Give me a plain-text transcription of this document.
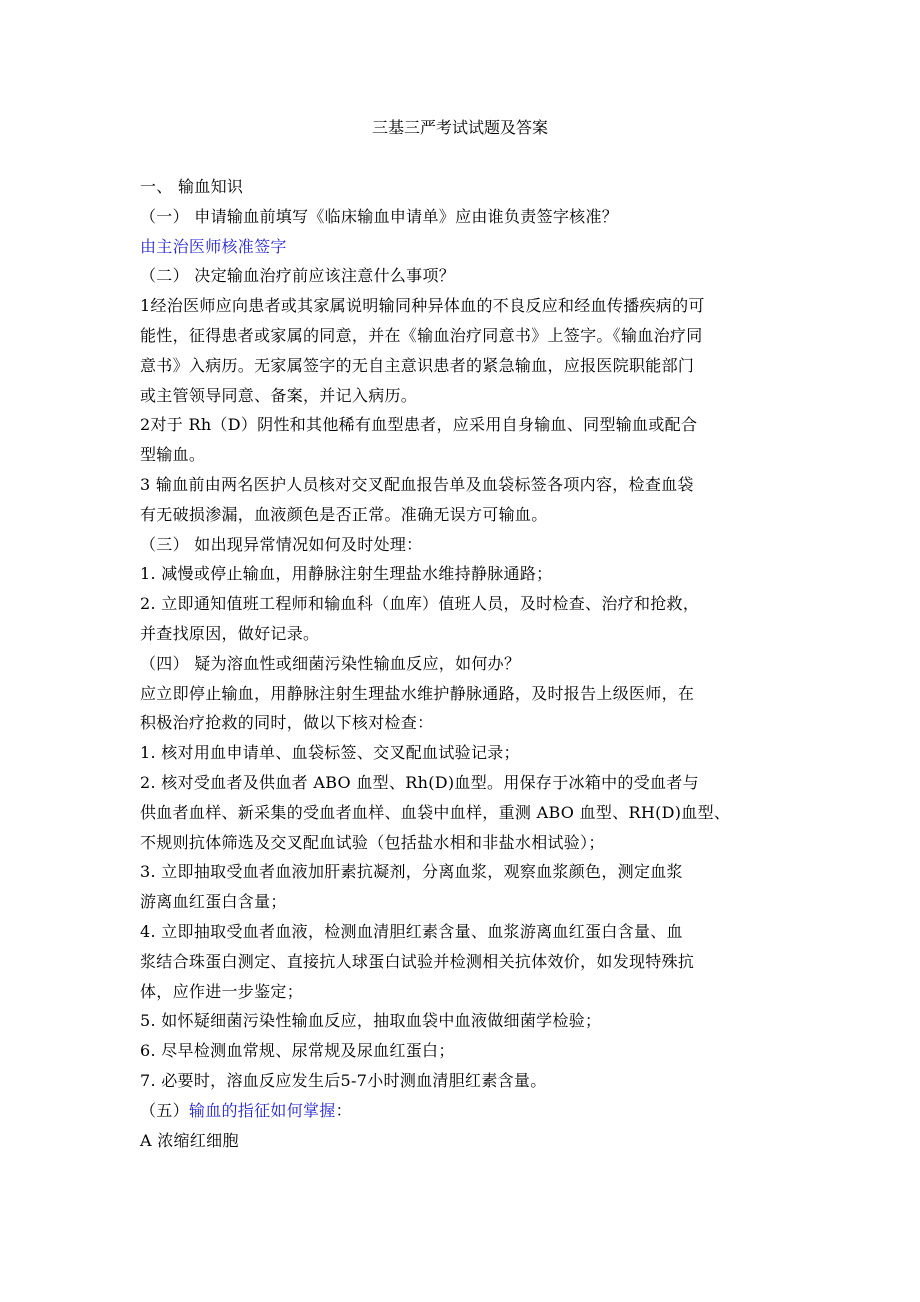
三基三严考试试题及答案
一、 输血知识
（一） 申请输血前填写《临床输血申请单》应由谁负责签字核准？
由主治医师核准签字
（二） 决定输血治疗前应该注意什么事项？
1经治医师应向患者或其家属说明输同种异体血的不良反应和经血传播疾病的可
能性，征得患者或家属的同意，并在《输血治疗同意书》上签字。《输血治疗同
意书》入病历。无家属签字的无自主意识患者的紧急输血，应报医院职能部门
或主管领导同意、备案，并记入病历。
2对于 Rh（D）阴性和其他稀有血型患者，应采用自身输血、同型输血或配合
型输血。
3 输血前由两名医护人员核对交叉配血报告单及血袋标签各项内容，检查血袋
有无破损渗漏，血液颜色是否正常。准确无误方可输血。
（三） 如出现异常情况如何及时处理：
1. 减慢或停止输血，用静脉注射生理盐水维持静脉通路；
2. 立即通知值班工程师和输血科（血库）值班人员，及时检查、治疗和抢救，
并查找原因，做好记录。
（四） 疑为溶血性或细菌污染性输血反应，如何办？
应立即停止输血，用静脉注射生理盐水维护静脉通路，及时报告上级医师，在
积极治疗抢救的同时，做以下核对检查：
1. 核对用血申请单、血袋标签、交叉配血试验记录；
2. 核对受血者及供血者 ABO 血型、Rh(D)血型。用保存于冰箱中的受血者与
供血者血样、新采集的受血者血样、血袋中血样，重测 ABO 血型、RH(D)血型、
不规则抗体筛选及交叉配血试验（包括盐水相和非盐水相试验）；
3. 立即抽取受血者血液加肝素抗凝剂，分离血浆，观察血浆颜色，测定血浆
游离血红蛋白含量；
4. 立即抽取受血者血液，检测血清胆红素含量、血浆游离血红蛋白含量、血
浆结合珠蛋白测定、直接抗人球蛋白试验并检测相关抗体效价，如发现特殊抗
体，应作进一步鉴定；
5. 如怀疑细菌污染性输血反应，抽取血袋中血液做细菌学检验；
6. 尽早检测血常规、尿常规及尿血红蛋白；
7. 必要时，溶血反应发生后5-7小时测血清胆红素含量。
（五）输血的指征如何掌握：
A 浓缩红细胞
